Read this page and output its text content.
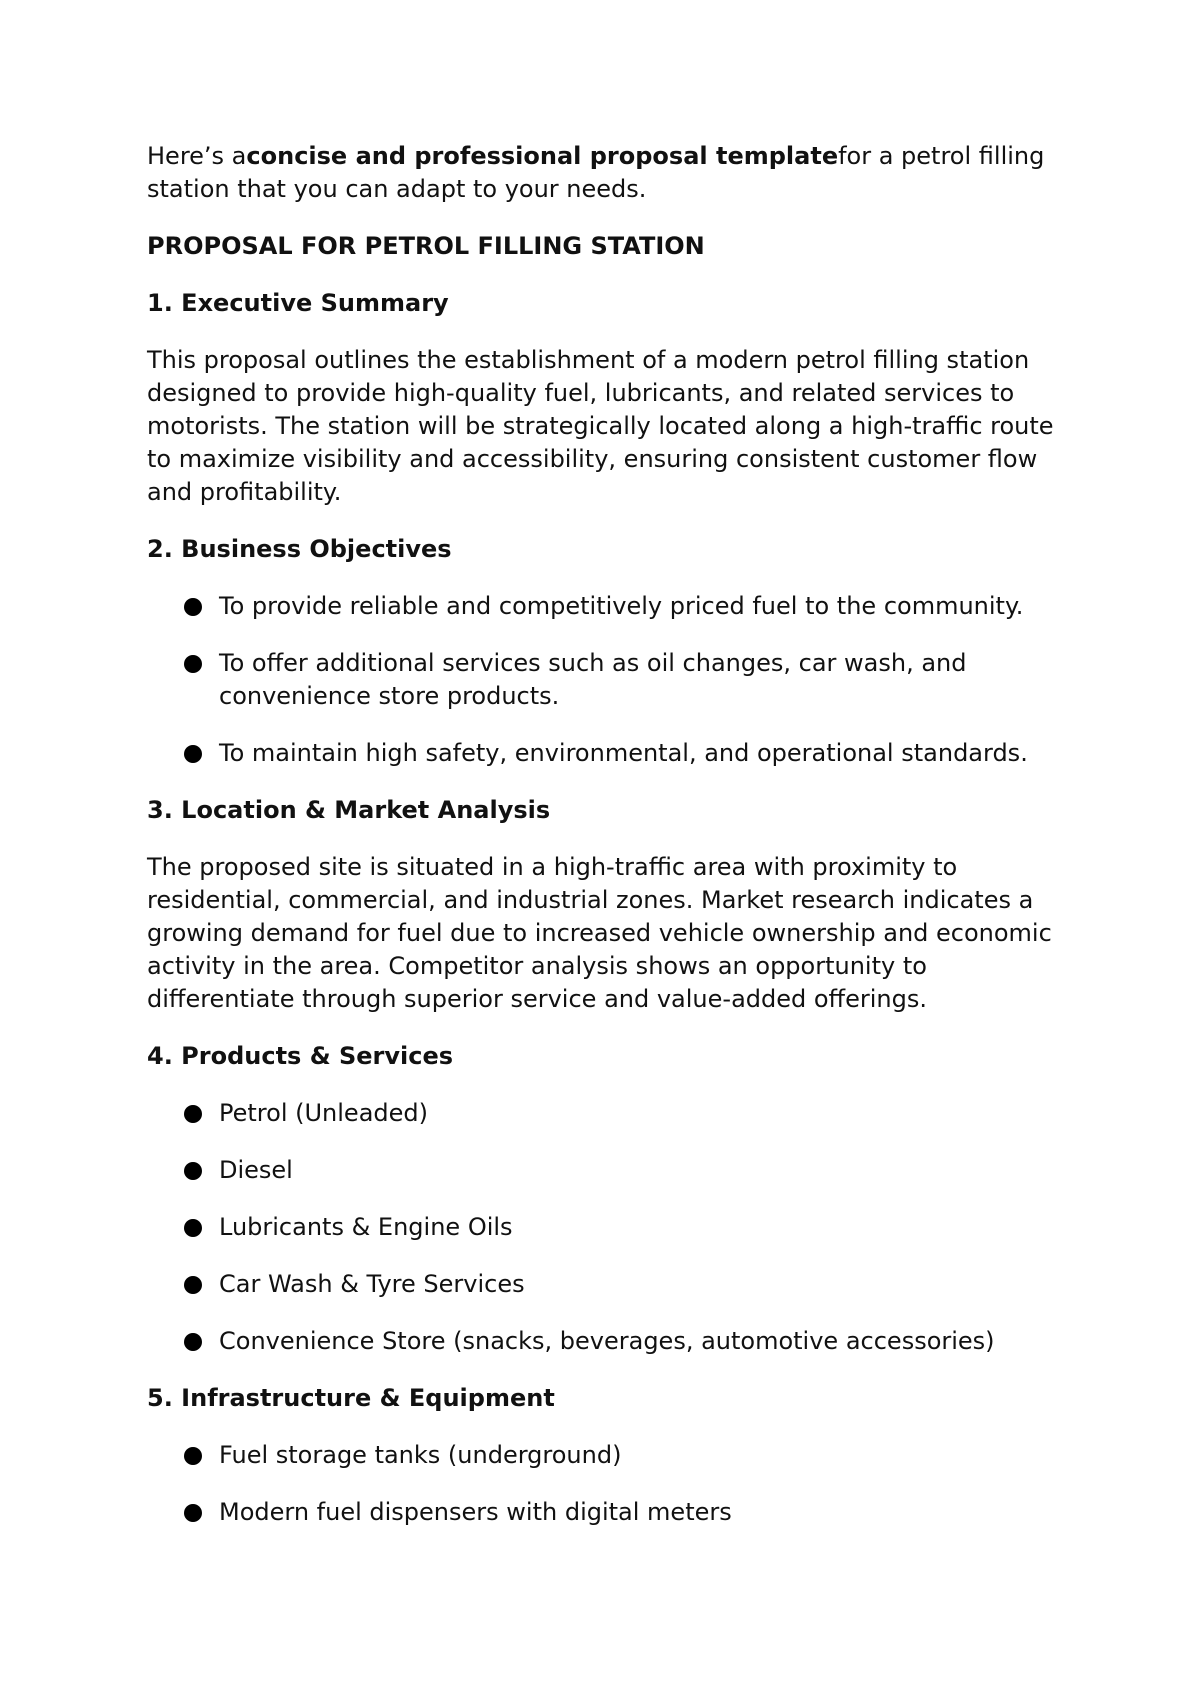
Here’s aconcise and professional proposal templatefor a petrol filling station that you can adapt to your needs.

PROPOSAL FOR PETROL FILLING STATION
1. Executive Summary

This proposal outlines the establishment of a modern petrol filling station designed to provide high-quality fuel, lubricants, and related services to motorists. The station will be strategically located along a high-traffic route to maximize visibility and accessibility, ensuring consistent customer flow and profitability.

2. Business Objectives
To provide reliable and competitively priced fuel to the community.
To offer additional services such as oil changes, car wash, and convenience store products.
To maintain high safety, environmental, and operational standards.
3. Location & Market Analysis

The proposed site is situated in a high-traffic area with proximity to residential, commercial, and industrial zones. Market research indicates a growing demand for fuel due to increased vehicle ownership and economic activity in the area. Competitor analysis shows an opportunity to differentiate through superior service and value-added offerings.

4. Products & Services
Petrol (Unleaded)
Diesel
Lubricants & Engine Oils
Car Wash & Tyre Services
Convenience Store (snacks, beverages, automotive accessories)
5. Infrastructure & Equipment
Fuel storage tanks (underground)
Modern fuel dispensers with digital meters
